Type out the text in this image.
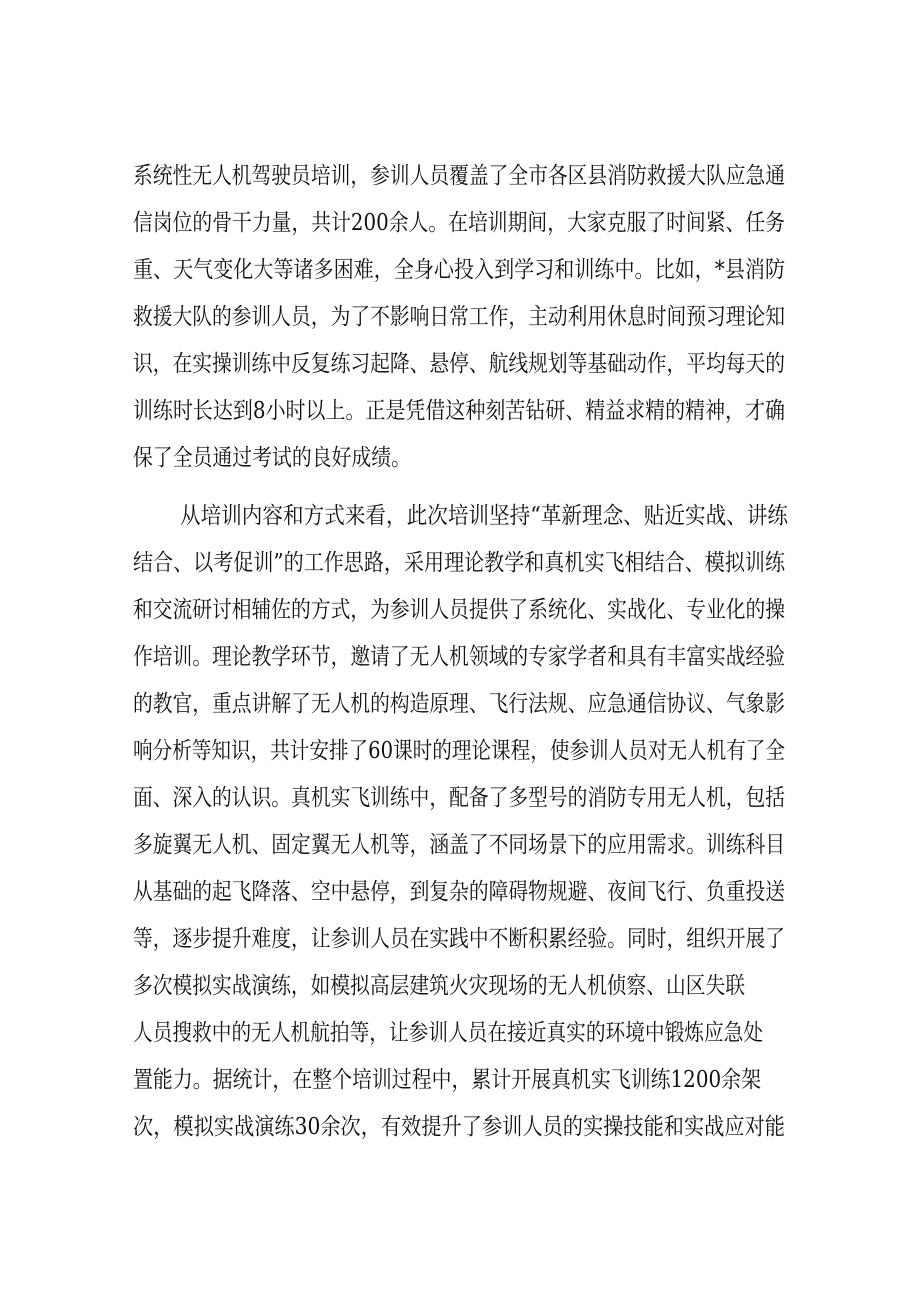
系统性无人机驾驶员培训，参训人员覆盖了全市各区县消防救援大队应急通
信岗位的骨干力量，共计200余人。在培训期间，大家克服了时间紧、任务
重、天气变化大等诸多困难，全身心投入到学习和训练中。比如，*县消防
救援大队的参训人员，为了不影响日常工作，主动利用休息时间预习理论知
识，在实操训练中反复练习起降、悬停、航线规划等基础动作，平均每天的
训练时长达到8小时以上。正是凭借这种刻苦钻研、精益求精的精神，才确
保了全员通过考试的良好成绩。
从培训内容和方式来看，此次培训坚持“革新理念、贴近实战、讲练
结合、以考促训”的工作思路，采用理论教学和真机实飞相结合、模拟训练
和交流研讨相辅佐的方式，为参训人员提供了系统化、实战化、专业化的操
作培训。理论教学环节，邀请了无人机领域的专家学者和具有丰富实战经验
的教官，重点讲解了无人机的构造原理、飞行法规、应急通信协议、气象影
响分析等知识，共计安排了60课时的理论课程，使参训人员对无人机有了全
面、深入的认识。真机实飞训练中，配备了多型号的消防专用无人机，包括
多旋翼无人机、固定翼无人机等，涵盖了不同场景下的应用需求。训练科目
从基础的起飞降落、空中悬停，到复杂的障碍物规避、夜间飞行、负重投送
等，逐步提升难度，让参训人员在实践中不断积累经验。同时，组织开展了
多次模拟实战演练，如模拟高层建筑火灾现场的无人机侦察、山区失联
人员搜救中的无人机航拍等，让参训人员在接近真实的环境中锻炼应急处
置能力。据统计，在整个培训过程中，累计开展真机实飞训练1200余架
次，模拟实战演练30余次，有效提升了参训人员的实操技能和实战应对能
